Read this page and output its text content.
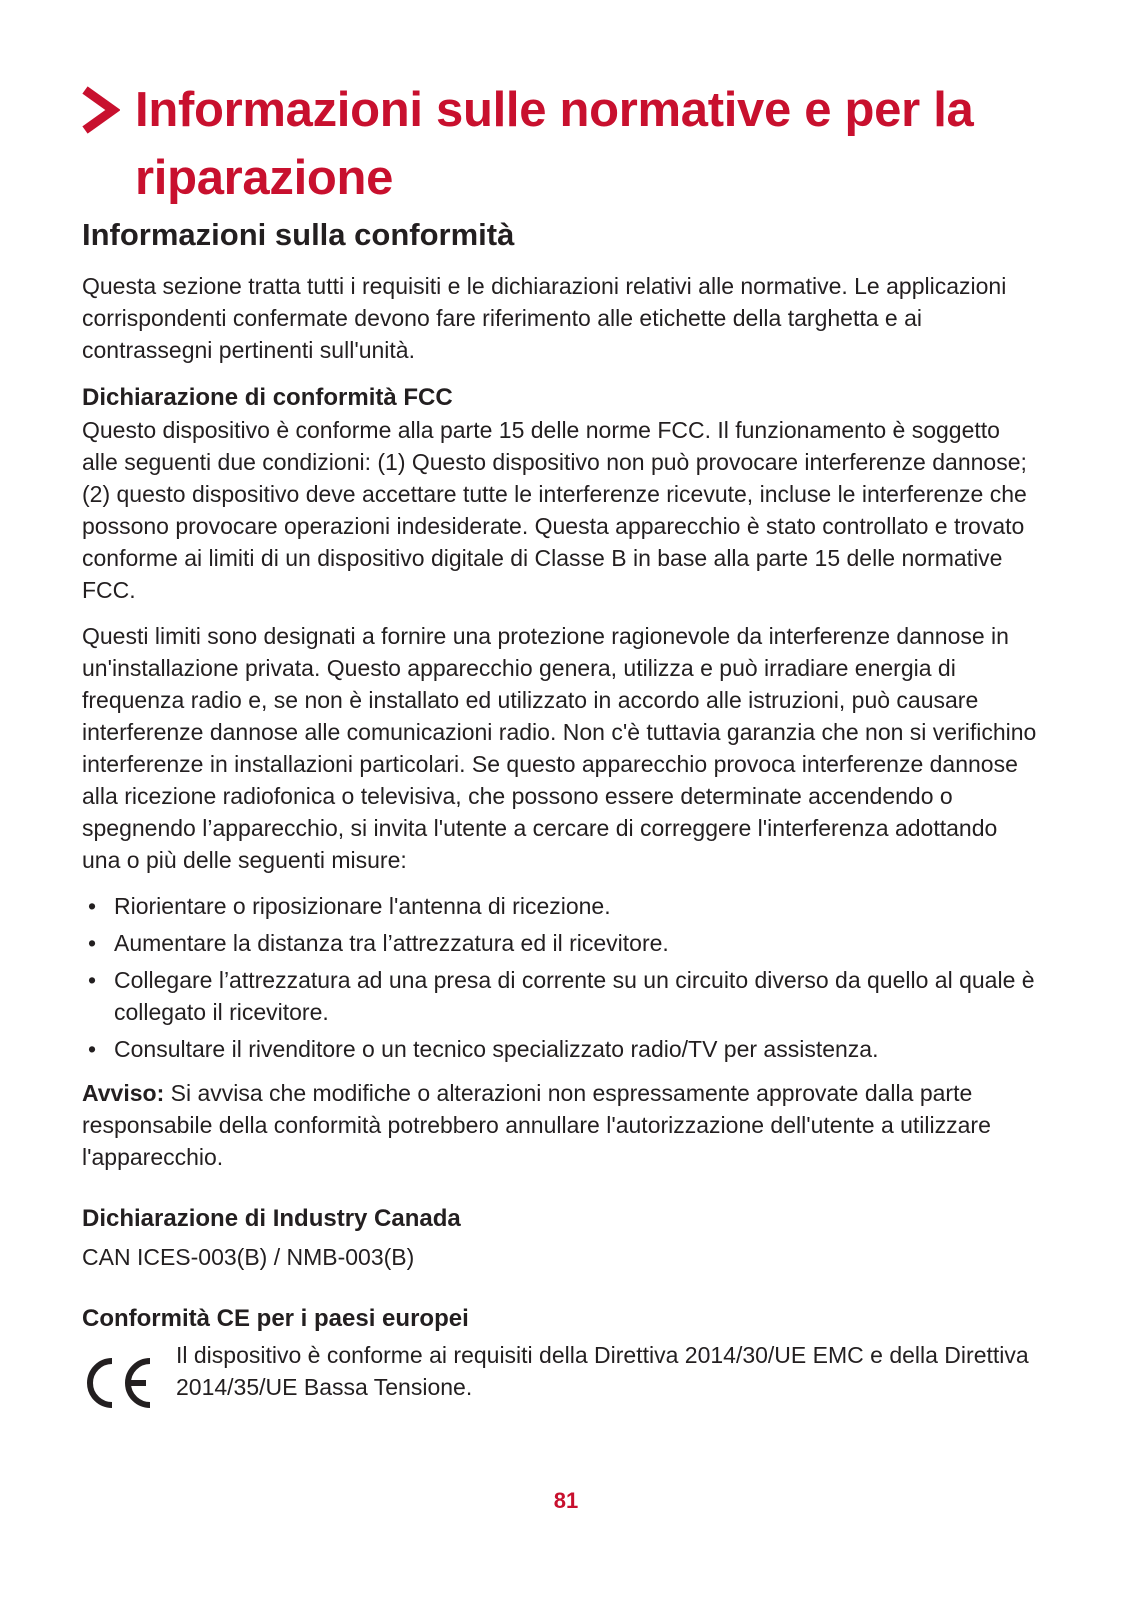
Informazioni sulle normative e per la riparazione
Informazioni sulla conformità

Questa sezione tratta tutti i requisiti e le dichiarazioni relativi alle normative. Le applicazioni corrispondenti confermate devono fare riferimento alle etichette della targhetta e ai contrassegni pertinenti sull'unità.

Dichiarazione di conformità FCC

Questo dispositivo è conforme alla parte 15 delle norme FCC. Il funzionamento è soggetto alle seguenti due condizioni: (1) Questo dispositivo non può provocare interferenze dannose; (2) questo dispositivo deve accettare tutte le interferenze ricevute, incluse le interferenze che possono provocare operazioni indesiderate. Questa apparecchio è stato controllato e trovato conforme ai limiti di un dispositivo digitale di Classe B in base alla parte 15 delle normative FCC.

Questi limiti sono designati a fornire una protezione ragionevole da interferenze dannose in un'installazione privata. Questo apparecchio genera, utilizza e può irradiare energia di frequenza radio e, se non è installato ed utilizzato in accordo alle istruzioni, può causare interferenze dannose alle comunicazioni radio. Non c'è tuttavia garanzia che non si verifichino interferenze in installazioni particolari. Se questo apparecchio provoca interferenze dannose alla ricezione radiofonica o televisiva, che possono essere determinate accendendo o spegnendo l’apparecchio, si invita l'utente a cercare di correggere l'interferenza adottando una o più delle seguenti misure:

• Riorientare o riposizionare l'antenna di ricezione.
• Aumentare la distanza tra l’attrezzatura ed il ricevitore.
• Collegare l’attrezzatura ad una presa di corrente su un circuito diverso da quello al quale è collegato il ricevitore.
• Consultare il rivenditore o un tecnico specializzato radio/TV per assistenza.

Avviso: Si avvisa che modifiche o alterazioni non espressamente approvate dalla parte responsabile della conformità potrebbero annullare l'autorizzazione dell'utente a utilizzare l'apparecchio.

Dichiarazione di Industry Canada

CAN ICES-003(B) / NMB-003(B)

Conformità CE per i paesi europei
Il dispositivo è conforme ai requisiti della Direttiva 2014/30/UE EMC e della Direttiva 2014/35/UE Bassa Tensione.
81
